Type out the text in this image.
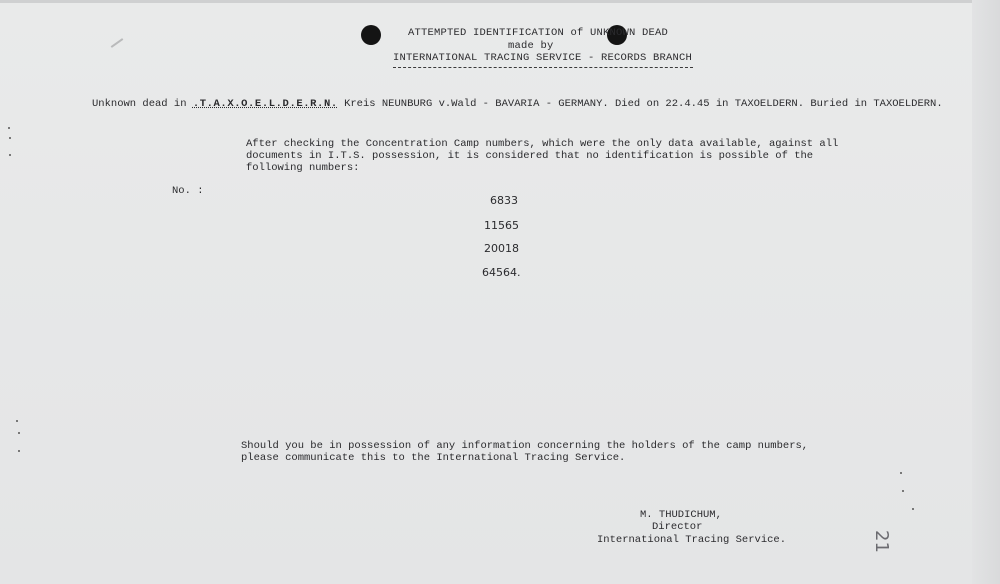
ATTEMPTED IDENTIFICATION of UNKNOWN DEAD
made by
INTERNATIONAL TRACING SERVICE - RECORDS BRANCH
Unknown dead in .T.A.X.O.E.L.D.E.R.N. Kreis NEUNBURG v.Wald - BAVARIA - GERMANY. Died on 22.4.45 in TAXOELDERN. Buried in TAXOELDERN.
After checking the Concentration Camp numbers, which were the only data available, against all
documents in I.T.S. possession, it is considered that no identification is possible of the
following numbers:
No. :
6833
11565
20018
64564.
Should you be in possession of any information concerning the holders of the camp numbers,
please communicate this to the International Tracing Service.
M. THUDICHUM,
Director
International Tracing Service.	21
